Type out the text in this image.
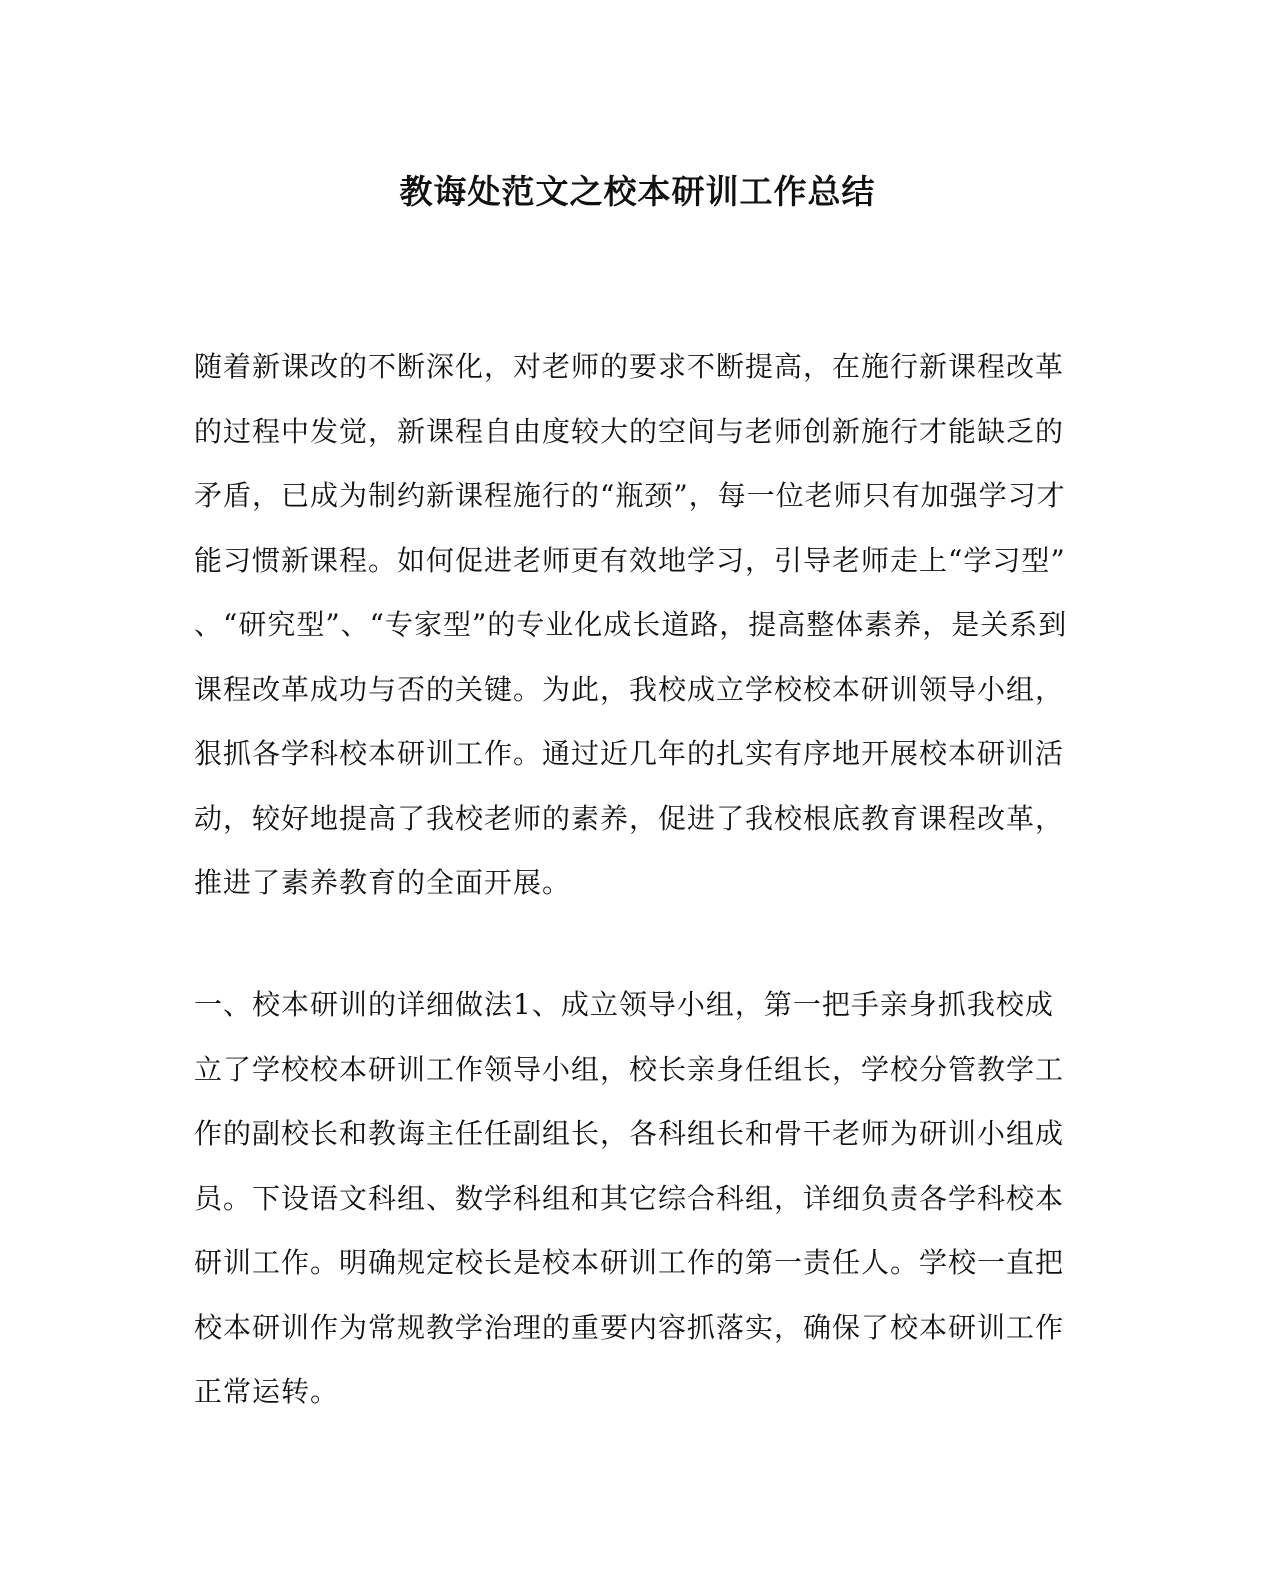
教诲处范文之校本研训工作总结
随着新课改的不断深化，对老师的要求不断提高，在施行新课程改革
的过程中发觉，新课程自由度较大的空间与老师创新施行才能缺乏的
矛盾，已成为制约新课程施行的“瓶颈”，每一位老师只有加强学习才
能习惯新课程。如何促进老师更有效地学习，引导老师走上“学习型”
、“研究型”、“专家型”的专业化成长道路，提高整体素养，是关系到
课程改革成功与否的关键。为此，我校成立学校校本研训领导小组，
狠抓各学科校本研训工作。通过近几年的扎实有序地开展校本研训活
动，较好地提高了我校老师的素养，促进了我校根底教育课程改革，
推进了素养教育的全面开展。
一、校本研训的详细做法1、成立领导小组，第一把手亲身抓我校成
立了学校校本研训工作领导小组，校长亲身任组长，学校分管教学工
作的副校长和教诲主任任副组长，各科组长和骨干老师为研训小组成
员。下设语文科组、数学科组和其它综合科组，详细负责各学科校本
研训工作。明确规定校长是校本研训工作的第一责任人。学校一直把
校本研训作为常规教学治理的重要内容抓落实，确保了校本研训工作
正常运转。
